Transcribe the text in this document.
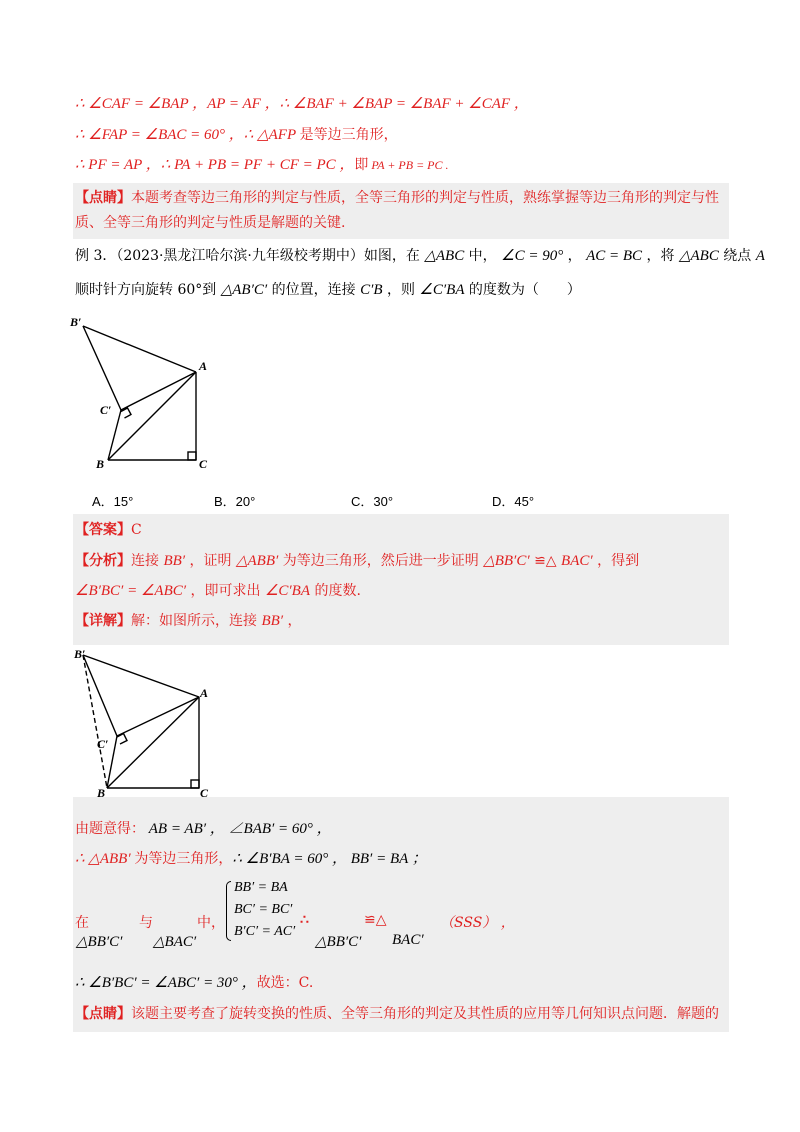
∴ ∠CAF = ∠BAP ，AP = AF ，∴ ∠BAF + ∠BAP = ∠BAF + ∠CAF ，
∴ ∠FAP = ∠BAC = 60° ，∴ △AFP 是等边三角形，
∴ PF = AP ，∴ PA + PB = PF + CF = PC ，即 PA + PB = PC .
【点睛】本题考查等边三角形的判定与性质，全等三角形的判定与性质，熟练掌握等边三角形的判定与性
质、全等三角形的判定与性质是解题的关键.
例 3．（2023·黑龙江哈尔滨·九年级校考期中）如图，在 △ABC 中， ∠C = 90° ， AC = BC ，将 △ABC 绕点 A
顺时针方向旋转 60°到 △AB′C′ 的位置，连接 C′B ，则 ∠C′BA 的度数为（　　）
B′
A
C′
B	C
A．15°	B．20°	C．30°	D．45°
【答案】C
【分析】连接 BB′ ，证明 △ABB′ 为等边三角形，然后进一步证明 △BB′C′ ≌△ BAC′ ，得到
∠B′BC′ = ∠ABC′ ，即可求出 ∠C′BA 的度数.
【详解】解：如图所示，连接 BB′ ，
B′
A
C′
B	C
由题意得： AB = AB′ ， ∠BAB′ = 60° ，
∴ △ABB′ 为等边三角形，∴ ∠B′BA = 60° ， BB′ = BA ；
在
△BB′C′
与
△BAC′
中，
BB′ = BA
BC′ = BC′
B′C′ = AC′
∴
△BB′C′
≌△
BAC′
（SSS） ，
∴ ∠B′BC′ = ∠ABC′ = 30° ，故选：C.
【点睛】该题主要考查了旋转变换的性质、全等三角形的判定及其性质的应用等几何知识点问题．解题的
